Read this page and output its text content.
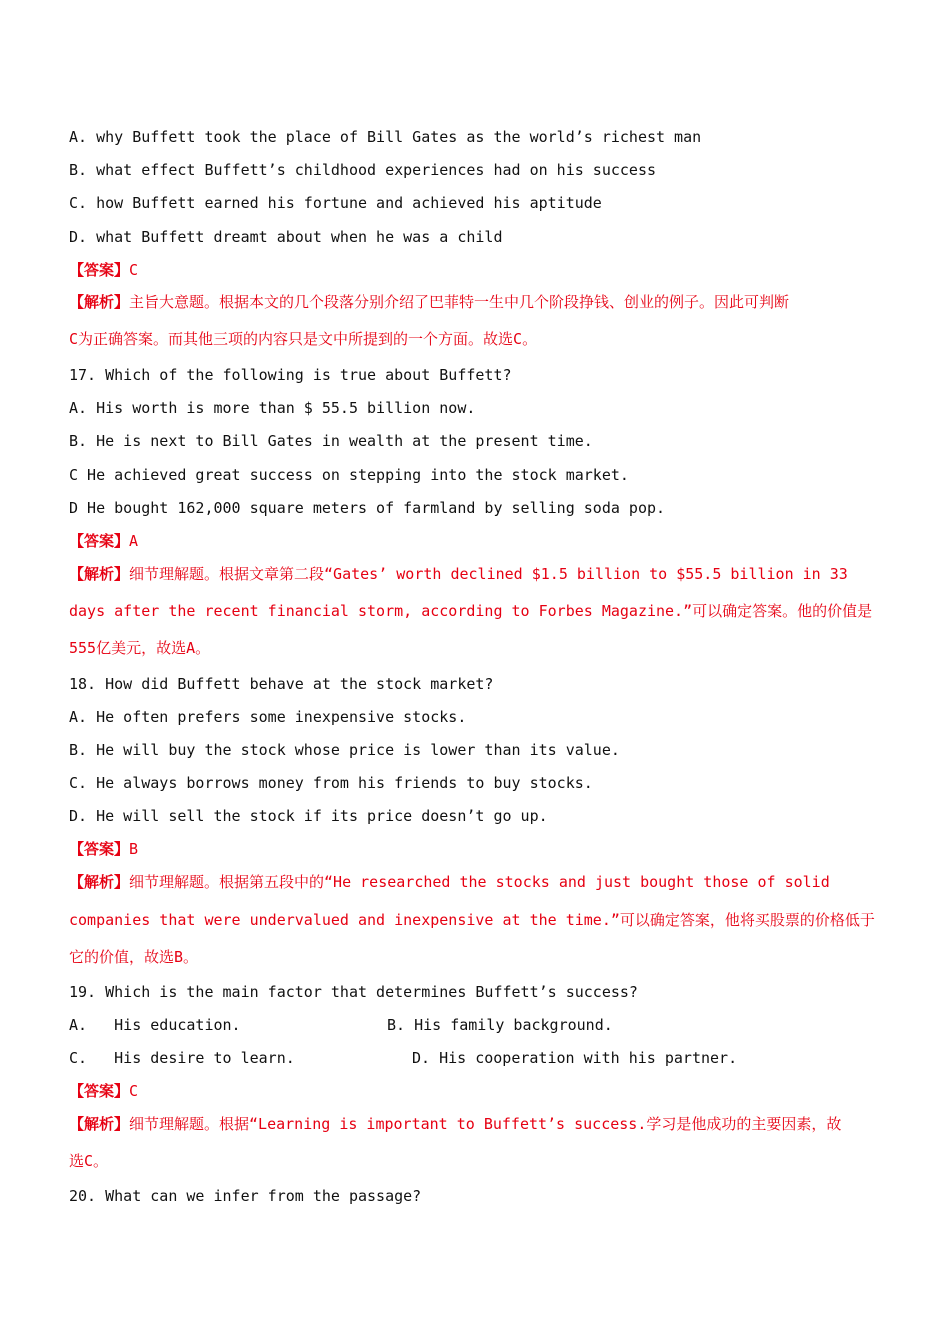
A. why Buffett took the place of Bill Gates as the world’s richest man
B. what effect Buffett’s childhood experiences had on his success
C. how Buffett earned his fortune and achieved his aptitude
D. what Buffett dreamt about when he was a child
【答案】C
【解析】主旨大意题。根据本文的几个段落分别介绍了巴菲特一生中几个阶段挣钱、创业的例子。因此可判断
C为正确答案。而其他三项的内容只是文中所提到的一个方面。故选C。
17. Which of the following is true about Buffett?
A. His worth is more than $ 55.5 billion now.
B. He is next to Bill Gates in wealth at the present time.
C He achieved great success on stepping into the stock market.
D He bought 162,000 square meters of farmland by selling soda pop.
【答案】A
【解析】细节理解题。根据文章第二段“Gates’ worth declined $1.5 billion to $55.5 billion in 33
days after the recent financial storm, according to Forbes Magazine.”可以确定答案。他的价值是
555亿美元，故选A。
18. How did Buffett behave at the stock market?
A. He often prefers some inexpensive stocks.
B. He will buy the stock whose price is lower than its value.
C. He always borrows money from his friends to buy stocks.
D. He will sell the stock if its price doesn’t go up.
【答案】B
【解析】细节理解题。根据第五段中的“He researched the stocks and just bought those of solid
companies that were undervalued and inexpensive at the time.”可以确定答案，他将买股票的价格低于
它的价值，故选B。
19. Which is the main factor that determines Buffett’s success?
A.   His education.	B. His family background.
C.   His desire to learn.	D. His cooperation with his partner.
【答案】C
【解析】细节理解题。根据“Learning is important to Buffett’s success.学习是他成功的主要因素，故
选C。
20. What can we infer from the passage?
